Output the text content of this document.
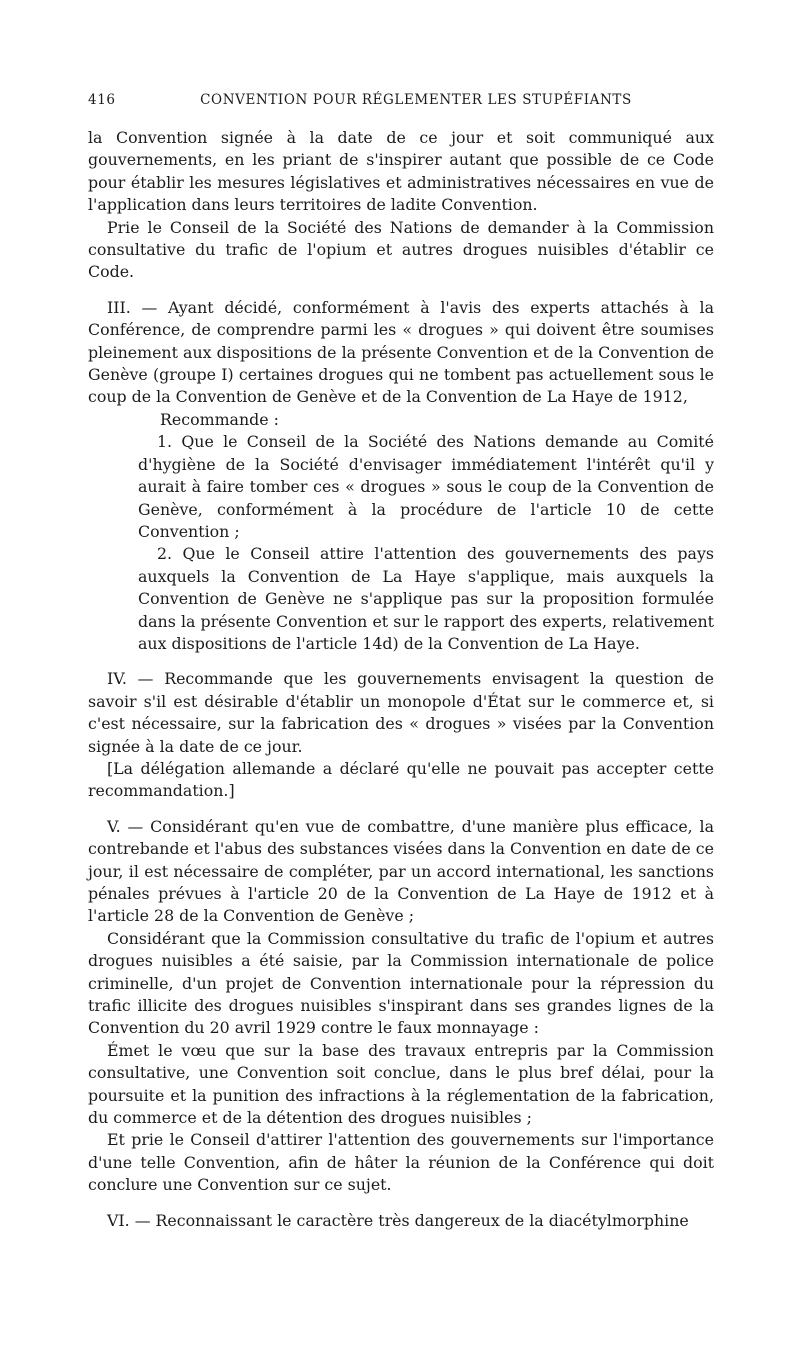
416	CONVENTION POUR RÉGLEMENTER LES STUPÉFIANTS

la Convention signée à la date de ce jour et soit communiqué aux gouvernements, en les priant de s'inspirer autant que possible de ce Code pour établir les mesures législatives et administratives nécessaires en vue de l'application dans leurs territoires de ladite Convention.

Prie le Conseil de la Société des Nations de demander à la Commission consultative du trafic de l'opium et autres drogues nuisibles d'établir ce Code.

III. — Ayant décidé, conformément à l'avis des experts attachés à la Conférence, de comprendre parmi les « drogues » qui doivent être soumises pleinement aux dispositions de la présente Convention et de la Convention de Genève (groupe I) certaines drogues qui ne tombent pas actuellement sous le coup de la Convention de Genève et de la Convention de La Haye de 1912,

Recommande :

1. Que le Conseil de la Société des Nations demande au Comité d'hygiène de la Société d'envisager immédiatement l'intérêt qu'il y aurait à faire tomber ces « drogues » sous le coup de la Convention de Genève, conformément à la procédure de l'article 10 de cette Convention ;

2. Que le Conseil attire l'attention des gouvernements des pays auxquels la Convention de La Haye s'applique, mais auxquels la Convention de Genève ne s'applique pas sur la proposition formulée dans la présente Convention et sur le rapport des experts, relativement aux dispositions de l'article 14d) de la Convention de La Haye.

IV. — Recommande que les gouvernements envisagent la question de savoir s'il est désirable d'établir un monopole d'État sur le commerce et, si c'est nécessaire, sur la fabrication des « drogues » visées par la Convention signée à la date de ce jour.

[La délégation allemande a déclaré qu'elle ne pouvait pas accepter cette recommandation.]

V. — Considérant qu'en vue de combattre, d'une manière plus efficace, la contrebande et l'abus des substances visées dans la Convention en date de ce jour, il est nécessaire de compléter, par un accord international, les sanctions pénales prévues à l'article 20 de la Convention de La Haye de 1912 et à l'article 28 de la Convention de Genève ;

Considérant que la Commission consultative du trafic de l'opium et autres drogues nuisibles a été saisie, par la Commission internationale de police criminelle, d'un projet de Convention internationale pour la répression du trafic illicite des drogues nuisibles s'inspirant dans ses grandes lignes de la Convention du 20 avril 1929 contre le faux monnayage :

Émet le vœu que sur la base des travaux entrepris par la Commission consultative, une Convention soit conclue, dans le plus bref délai, pour la poursuite et la punition des infractions à la réglementation de la fabrication, du commerce et de la détention des drogues nuisibles ;

Et prie le Conseil d'attirer l'attention des gouvernements sur l'importance d'une telle Convention, afin de hâter la réunion de la Conférence qui doit conclure une Convention sur ce sujet.

VI. — Reconnaissant le caractère très dangereux de la diacétylmorphine
